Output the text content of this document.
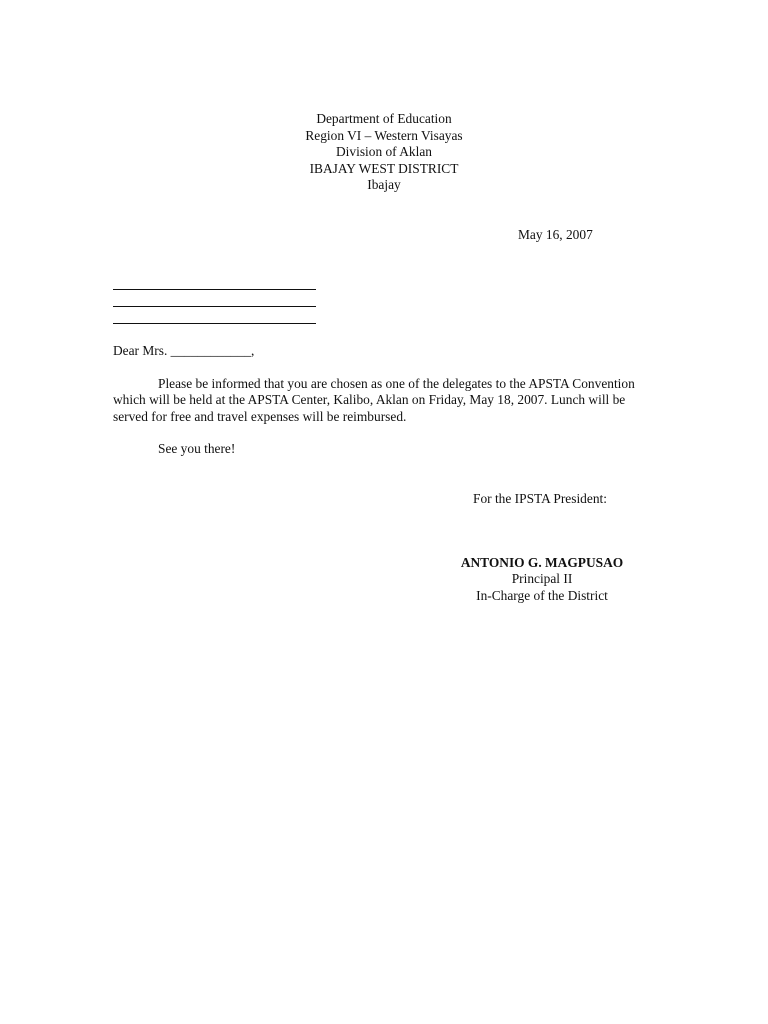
Department of Education
Region VI – Western Visayas
Division of Aklan
IBAJAY WEST DISTRICT
Ibajay
May 16, 2007
Dear Mrs. ____________,
Please be informed that you are chosen as one of the delegates to the APSTA Convention
which will be held at the APSTA Center, Kalibo, Aklan on Friday, May 18, 2007. Lunch will be
served for free and travel expenses will be reimbursed.
See you there!
For the IPSTA President:
ANTONIO G. MAGPUSAO
Principal II
In-Charge of the District
